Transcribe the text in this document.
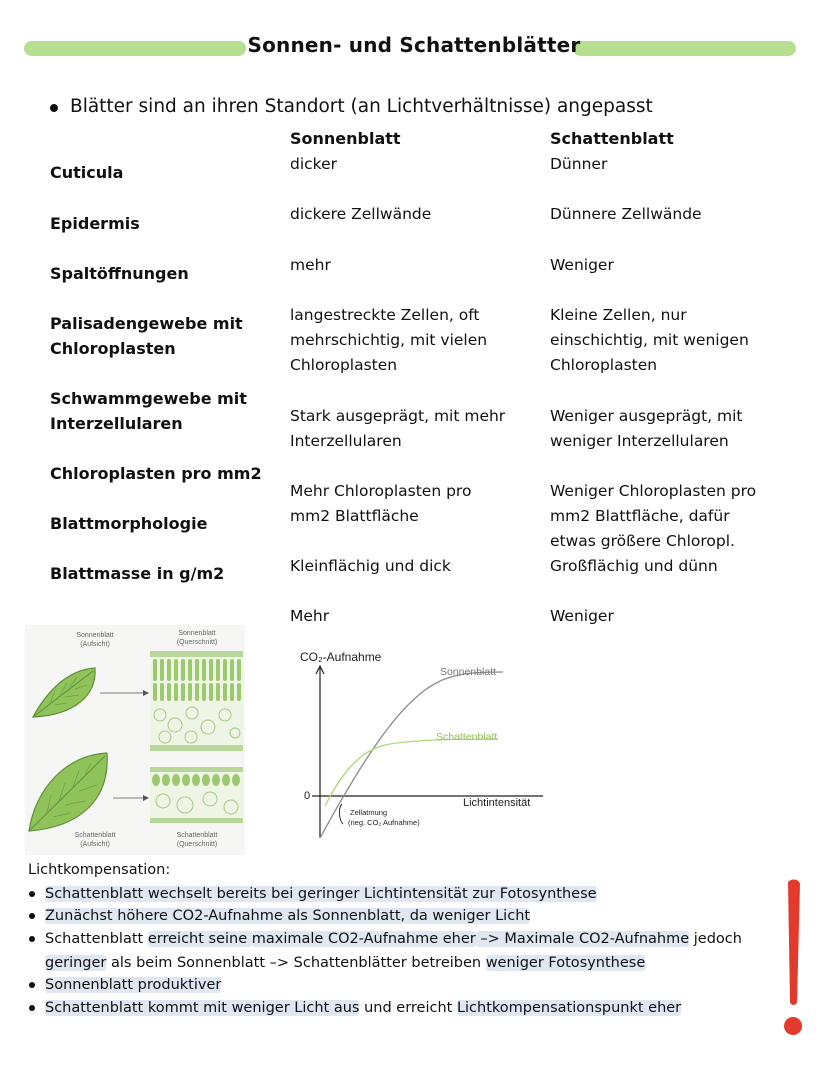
Sonnen- und Schattenblätter
Blätter sind an ihren Standort (an Lichtverhältnisse) angepasst
Sonnenblatt	Schattenblatt
Cuticula
Epidermis
Spaltöffnungen
Palisadengewebe mit
Chloroplasten
Schwammgewebe mit
Interzellularen
Chloroplasten pro mm2
Blattmorphologie
Blattmasse in g/m2
dicker
dickere Zellwände
mehr
langestreckte Zellen, oft
mehrschichtig, mit vielen
Chloroplasten
Stark ausgeprägt, mit mehr
Interzellularen
Mehr Chloroplasten pro
mm2 Blattfläche
Kleinflächig und dick
Mehr
Dünner
Dünnere Zellwände
Weniger
Kleine Zellen, nur
einschichtig, mit wenigen
Chloroplasten
Weniger ausgeprägt, mit
weniger Interzellularen
Weniger Chloroplasten pro
mm2 Blattfläche, dafür
etwas größere Chloropl.
Großflächig und dünn
Weniger
Sonnenblatt
(Aufsicht)
Sonnenblatt
(Querschnitt)
Schattenblatt
(Aufsicht)
Schattenblatt
(Querschnitt)
CO₂-Aufnahme
0
Lichtintensität
Sonnenblatt
Schattenblatt
Zellatmung
(neg. CO₂ Aufnahme)
Lichtkompensation:
Schattenblatt wechselt bereits bei geringer Lichtintensität zur Fotosynthese
Zunächst höhere CO2-Aufnahme als Sonnenblatt, da weniger Licht
Schattenblatt erreicht seine maximale CO2-Aufnahme eher –> Maximale CO2-Aufnahme jedoch
geringer als beim Sonnenblatt –> Schattenblätter betreiben weniger Fotosynthese
Sonnenblatt produktiver
Schattenblatt kommt mit weniger Licht aus und erreicht Lichtkompensationspunkt eher
